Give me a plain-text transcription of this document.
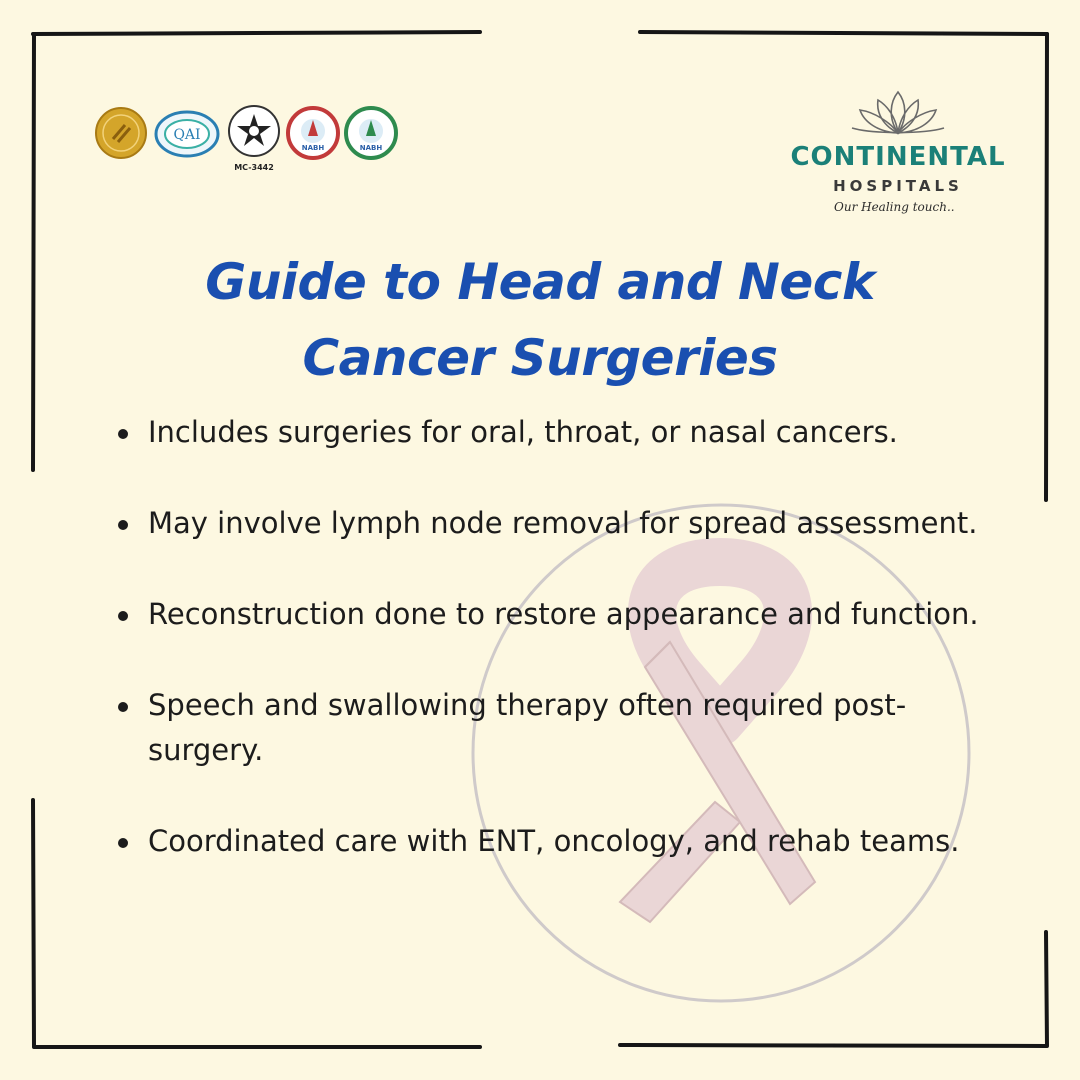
QAI
MC-3442
NABH	NABH	CONTINENTAL
HOSPITALS
Our Healing touch..
Guide to Head and Neck
Cancer Surgeries
Includes surgeries for oral, throat, or nasal cancers.
May involve lymph node removal for spread assessment.
Reconstruction done to restore appearance and function.
Speech and swallowing therapy often required post-surgery.
Coordinated care with ENT, oncology, and rehab teams.
